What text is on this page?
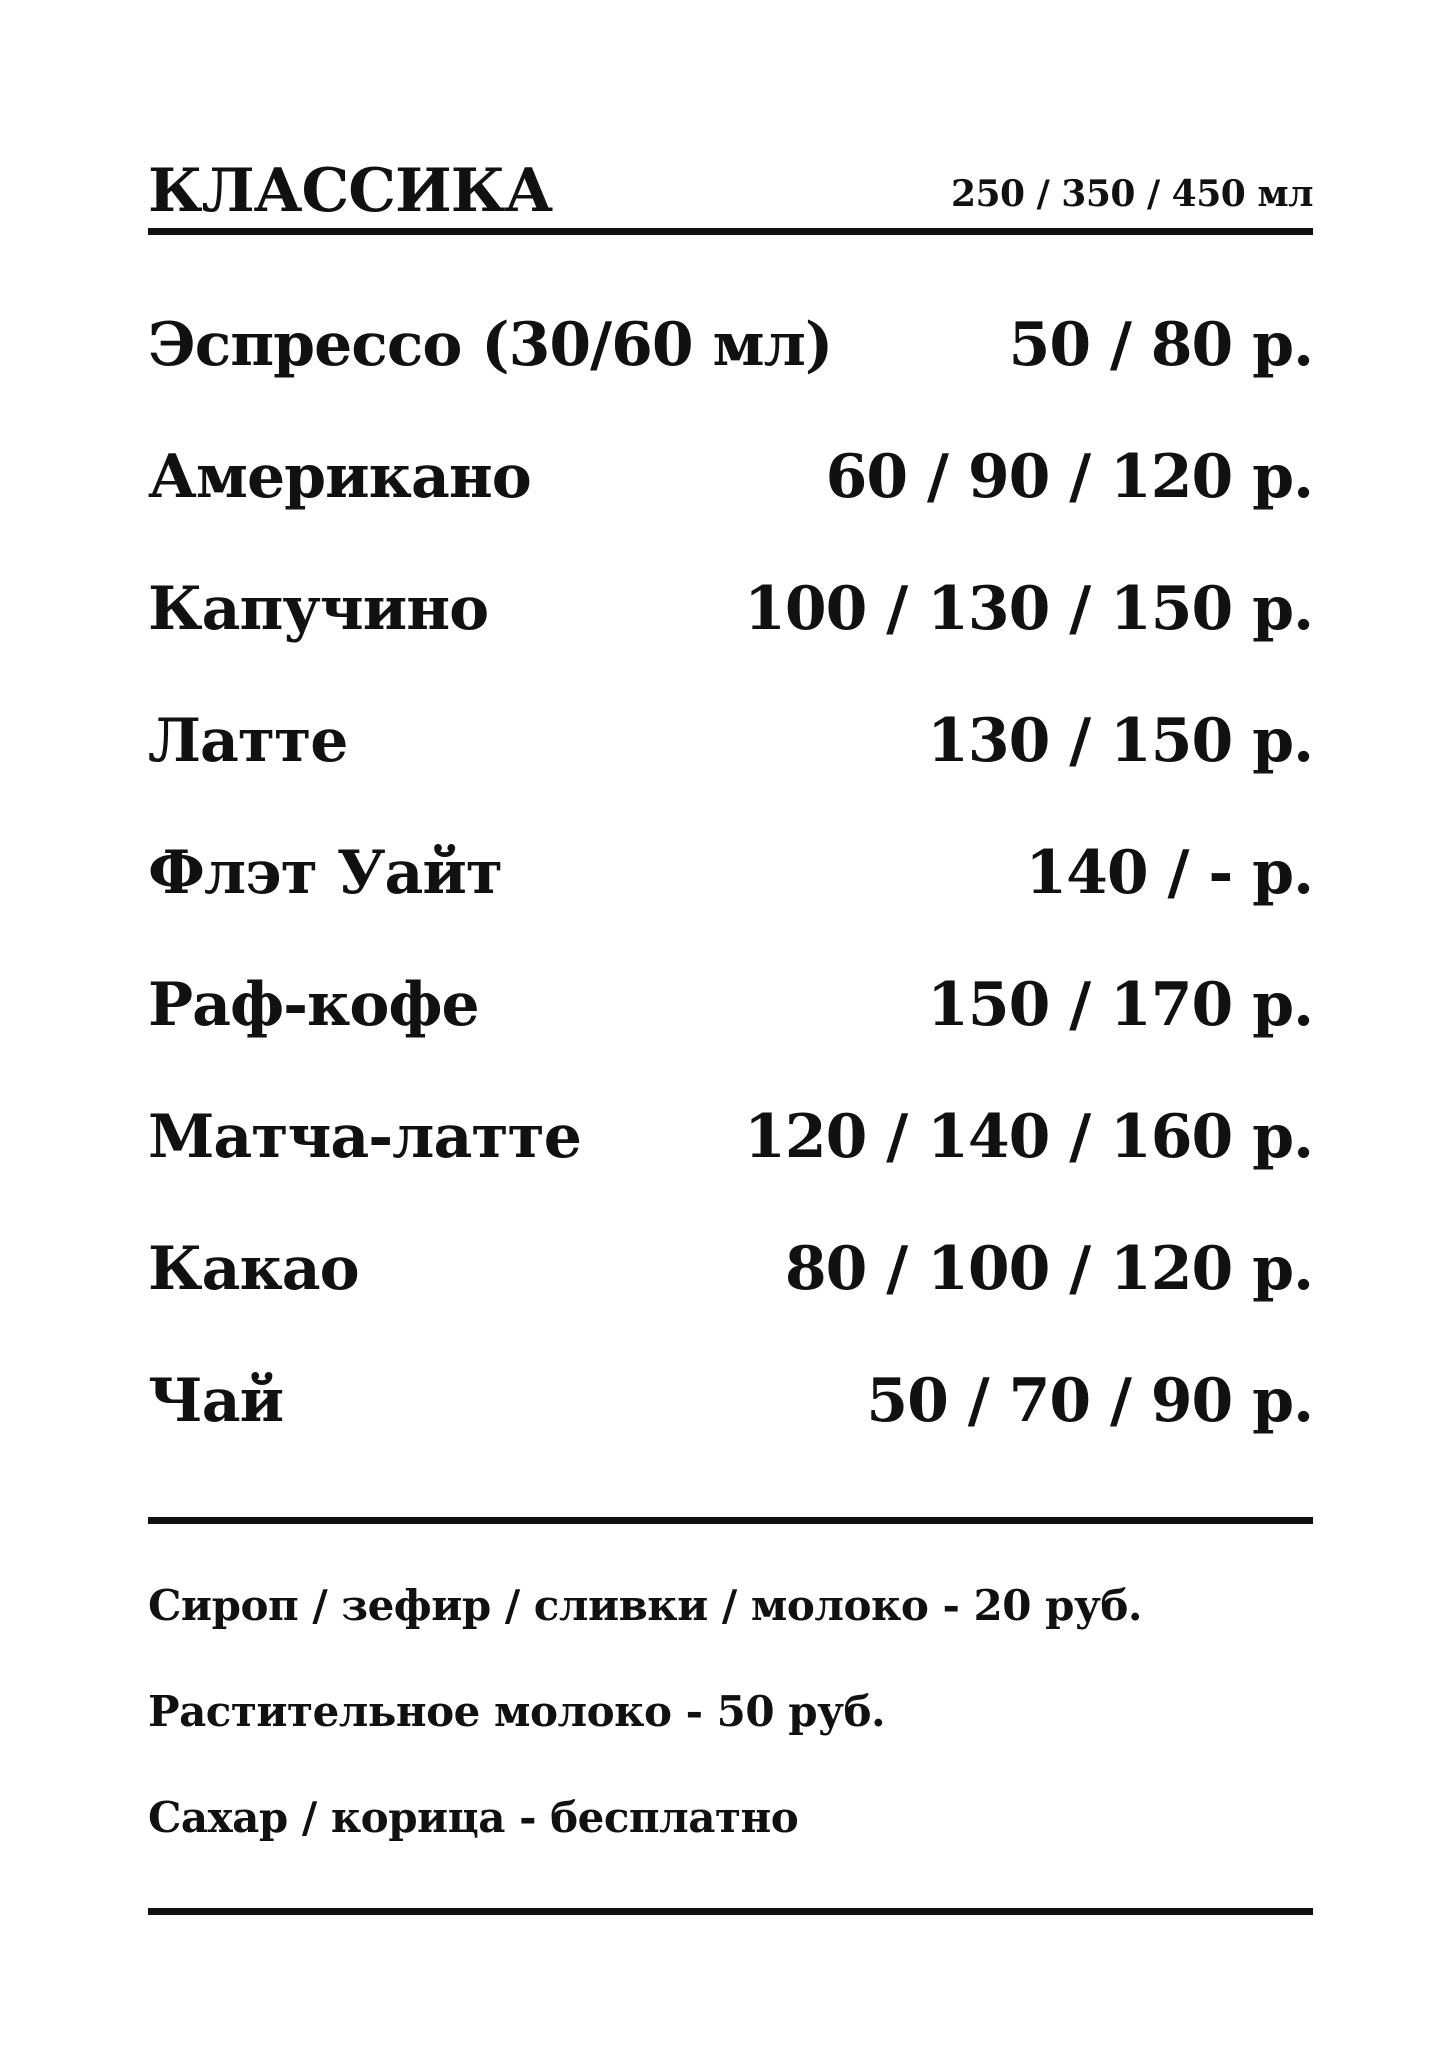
КЛАССИКА	250 / 350 / 450 мл
Эспрессо (30/60 мл)	50 / 80 р.
Американо	60 / 90 / 120 р.
Капучино	100 / 130 / 150 р.
Латте	130 / 150 р.
Флэт Уайт	140 / - р.
Раф-кофе	150 / 170 р.
Матча-латте	120 / 140 / 160 р.
Какао	80 / 100 / 120 р.
Чай	50 / 70 / 90 р.
Сироп / зефир / сливки / молоко - 20 руб.
Растительное молоко - 50 руб.
Сахар / корица - бесплатно
